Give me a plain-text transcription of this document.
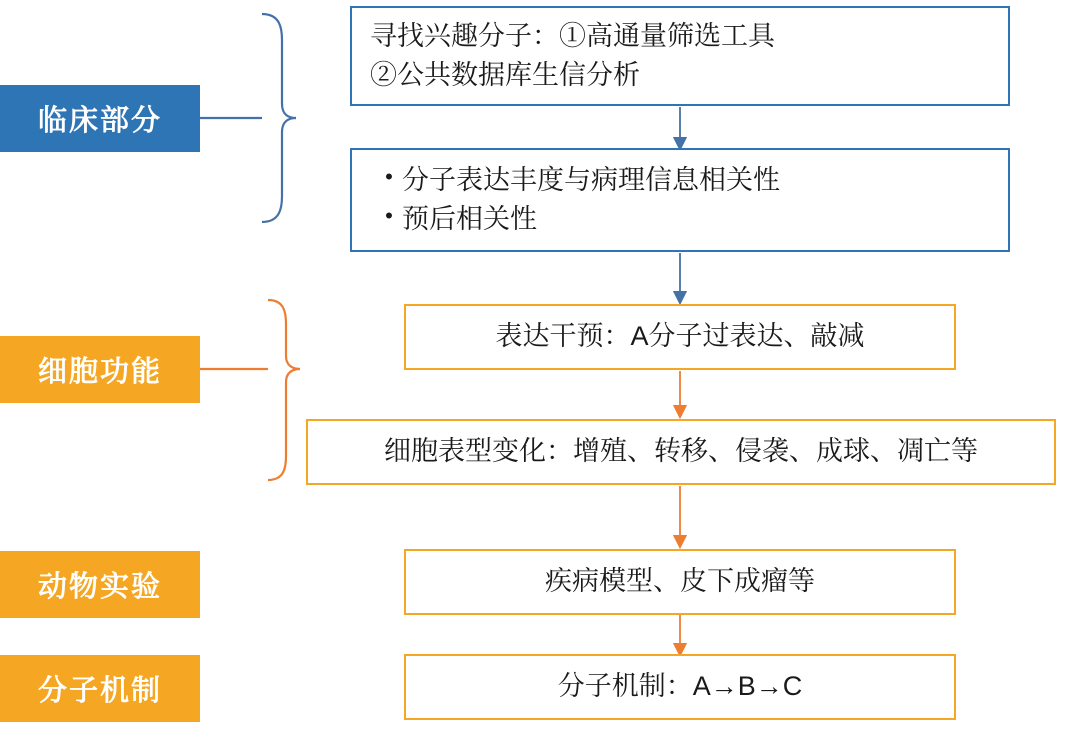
临床部分
细胞功能
动物实验
分子机制
寻找兴趣分子：①高通量筛选工具
②公共数据库生信分析
• 分子表达丰度与病理信息相关性
• 预后相关性
表达干预：A分子过表达、敲减
细胞表型变化：增殖、转移、侵袭、成球、凋亡等
疾病模型、皮下成瘤等
分子机制：A→B→C
